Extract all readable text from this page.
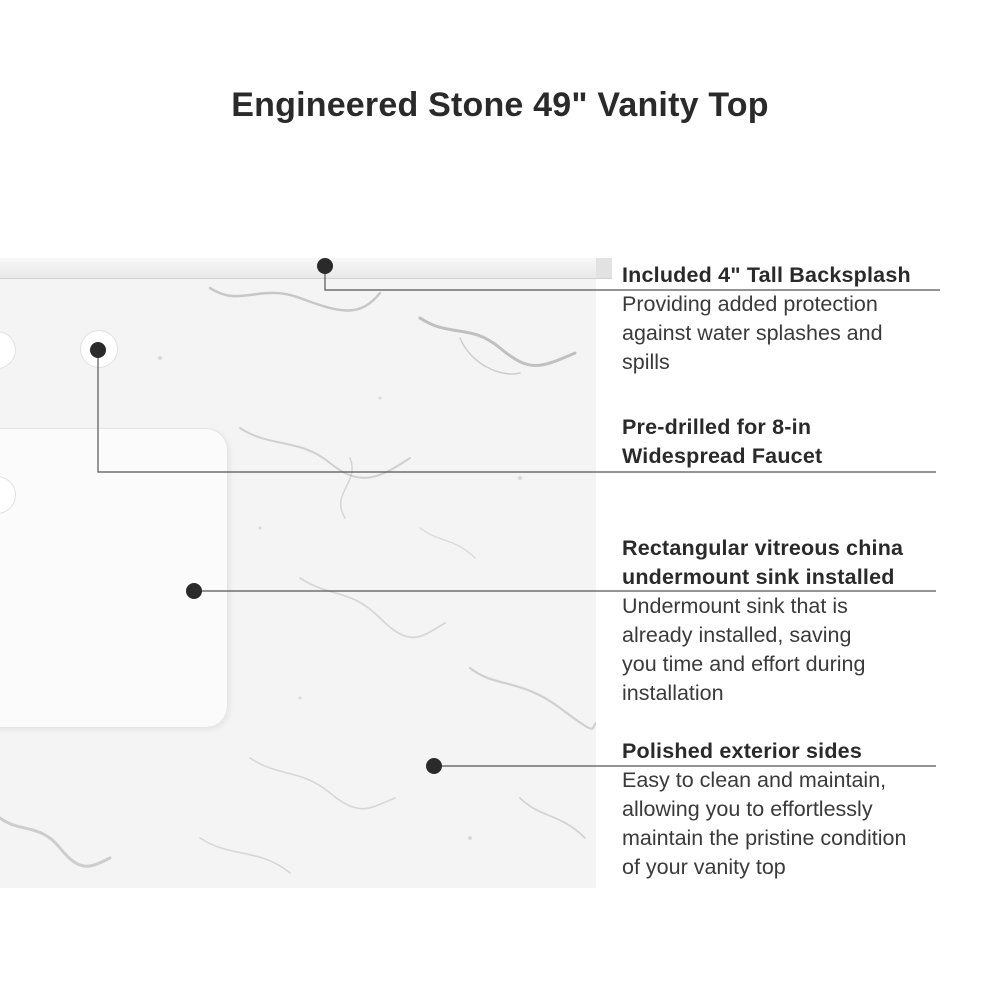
Engineered Stone 49" Vanity Top
Included 4" Tall Backsplash

Providing added protection

against water splashes and

spills

Pre-drilled for 8-in
Widespread Faucet
Rectangular vitreous china
undermount sink installed

Undermount sink that is

already installed, saving

you time and effort during

installation

Polished exterior sides

Easy to clean and maintain,

allowing you to effortlessly

maintain the pristine condition

of your vanity top
